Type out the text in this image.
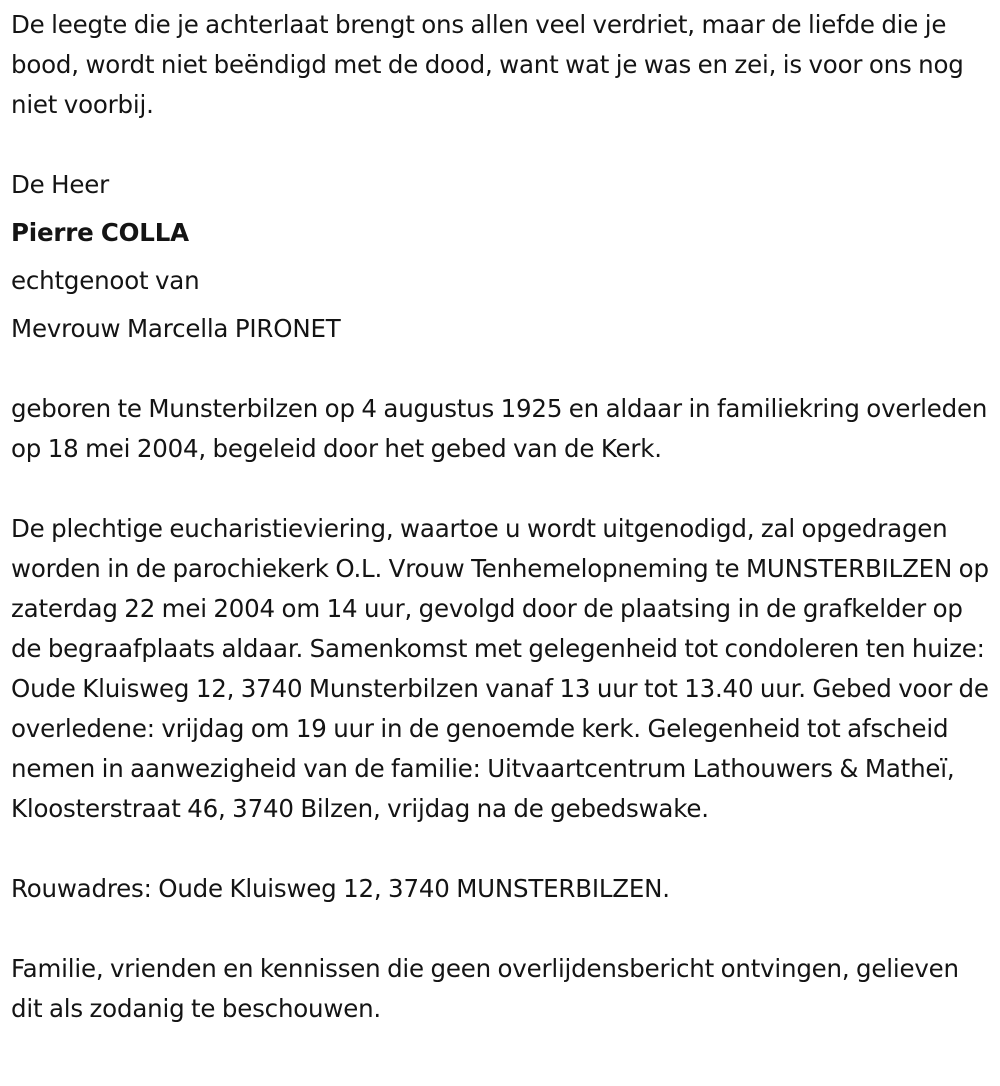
De leegte die je achterlaat brengt ons allen veel verdriet, maar de liefde die je bood, wordt niet beëndigd met de dood, want wat je was en zei, is voor ons nog niet voorbij.

De Heer

Pierre COLLA

echtgenoot van

Mevrouw Marcella PIRONET

geboren te Munsterbilzen op 4 augustus 1925 en aldaar in familiekring overleden op 18 mei 2004, begeleid door het gebed van de Kerk.

De plechtige eucharistieviering, waartoe u wordt uitgenodigd, zal opgedragen worden in de parochiekerk O.L. Vrouw Tenhemelopneming te MUNSTERBILZEN op zaterdag 22 mei 2004 om 14 uur, gevolgd door de plaatsing in de grafkelder op de begraafplaats aldaar. Samenkomst met gelegenheid tot condoleren ten huize: Oude Kluisweg 12, 3740 Munsterbilzen vanaf 13 uur tot 13.40 uur. Gebed voor de overledene: vrijdag om 19 uur in de genoemde kerk. Gelegenheid tot afscheid nemen in aanwezigheid van de familie: Uitvaartcentrum Lathouwers & Matheï, Kloosterstraat 46, 3740 Bilzen, vrijdag na de gebedswake.

Rouwadres: Oude Kluisweg 12, 3740 MUNSTERBILZEN.

Familie, vrienden en kennissen die geen overlijdensbericht ontvingen, gelieven dit als zodanig te beschouwen.
